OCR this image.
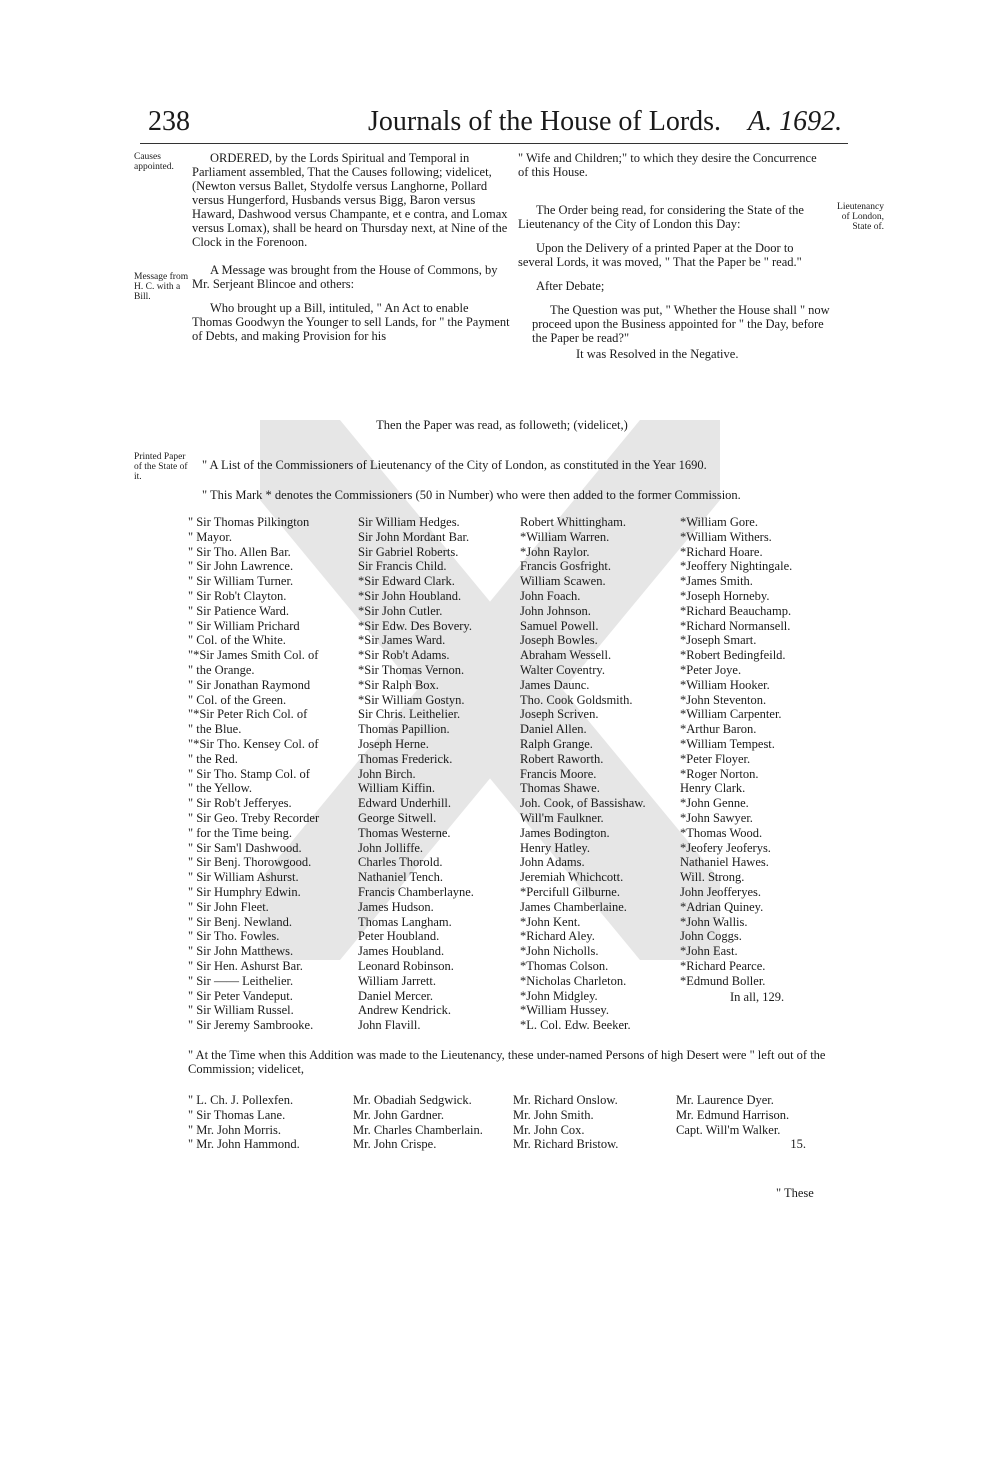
238	Journals of the House of Lords. A. 1692.
Causes appointed.
Message from H. C. with a Bill.
Lieutenancy of London, State of.
Printed Paper of the State of it.

ORDERED, by the Lords Spiritual and Temporal in Parliament assembled, That the Causes following; videlicet, (Newton versus Ballet, Stydolfe versus Langhorne, Pollard versus Hungerford, Husbands versus Bigg, Baron versus Haward, Dashwood versus Champante, et e contra, and Lomax versus Lomax), shall be heard on Thursday next, at Nine of the Clock in the Forenoon.

A Message was brought from the House of Commons, by Mr. Serjeant Blincoe and others:

Who brought up a Bill, intituled, " An Act to enable Thomas Goodwyn the Younger to sell Lands, for " the Payment of Debts, and making Provision for his

" Wife and Children;" to which they desire the Concurrence of this House.

The Order being read, for considering the State of the Lieutenancy of the City of London this Day:

Upon the Delivery of a printed Paper at the Door to several Lords, it was moved, " That the Paper be " read."

After Debate;

The Question was put, " Whether the House shall " now proceed upon the Business appointed for " the Day, before the Paper be read?"

It was Resolved in the Negative.

Then the Paper was read, as followeth; (videlicet,)
" A List of the Commissioners of Lieutenancy of the City of London, as constituted in the Year 1690.
" This Mark * denotes the Commissioners (50 in Number) who were then added to the former Commission.
" Sir Thomas Pilkington
" Mayor.
" Sir Tho. Allen Bar.
" Sir John Lawrence.
" Sir William Turner.
" Sir Rob't Clayton.
" Sir Patience Ward.
" Sir William Prichard
" Col. of the White.
"*Sir James Smith Col. of
" the Orange.
" Sir Jonathan Raymond
" Col. of the Green.
"*Sir Peter Rich Col. of
" the Blue.
"*Sir Tho. Kensey Col. of
" the Red.
" Sir Tho. Stamp Col. of
" the Yellow.
" Sir Rob't Jefferyes.
" Sir Geo. Treby Recorder
" for the Time being.
" Sir Sam'l Dashwood.
" Sir Benj. Thorowgood.
" Sir William Ashurst.
" Sir Humphry Edwin.
" Sir John Fleet.
" Sir Benj. Newland.
" Sir Tho. Fowles.
" Sir John Matthews.
" Sir Hen. Ashurst Bar.
" Sir —— Leithelier.
" Sir Peter Vandeput.
" Sir William Russel.
" Sir Jeremy Sambrooke.
Sir William Hedges.
Sir John Mordant Bar.
Sir Gabriel Roberts.
Sir Francis Child.
*Sir Edward Clark.
*Sir John Houbland.
*Sir John Cutler.
*Sir Edw. Des Bovery.
*Sir James Ward.
*Sir Rob't Adams.
*Sir Thomas Vernon.
*Sir Ralph Box.
*Sir William Gostyn.
Sir Chris. Leithelier.
Thomas Papillion.
Joseph Herne.
Thomas Frederick.
John Birch.
William Kiffin.
Edward Underhill.
George Sitwell.
Thomas Westerne.
John Jolliffe.
Charles Thorold.
Nathaniel Tench.
Francis Chamberlayne.
James Hudson.
Thomas Langham.
Peter Houbland.
James Houbland.
Leonard Robinson.
William Jarrett.
Daniel Mercer.
Andrew Kendrick.
John Flavill.
Robert Whittingham.
*William Warren.
*John Raylor.
Francis Gosfright.
William Scawen.
John Foach.
John Johnson.
Samuel Powell.
Joseph Bowles.
Abraham Wessell.
Walter Coventry.
James Daunc.
Tho. Cook Goldsmith.
Joseph Scriven.
Daniel Allen.
Ralph Grange.
Robert Raworth.
Francis Moore.
Thomas Shawe.
Joh. Cook, of Bassishaw.
Will'm Faulkner.
James Bodington.
Henry Hatley.
John Adams.
Jeremiah Whichcott.
*Percifull Gilburne.
James Chamberlaine.
*John Kent.
*Richard Aley.
*John Nicholls.
*Thomas Colson.
*Nicholas Charleton.
*John Midgley.
*William Hussey.
*L. Col. Edw. Beeker.
*William Gore.
*William Withers.
*Richard Hoare.
*Jeoffery Nightingale.
*James Smith.
*Joseph Horneby.
*Richard Beauchamp.
*Richard Normansell.
*Joseph Smart.
*Robert Bedingfeild.
*Peter Joye.
*William Hooker.
*John Steventon.
*William Carpenter.
*Arthur Baron.
*William Tempest.
*Peter Floyer.
*Roger Norton.
Henry Clark.
*John Genne.
*John Sawyer.
*Thomas Wood.
*Jeofery Jeoferys.
Nathaniel Hawes.
Will. Strong.
John Jeofferyes.
*Adrian Quiney.
*John Wallis.
John Coggs.
*John East.
*Richard Pearce.
*Edmund Boller.
In all, 129.
" At the Time when this Addition was made to the Lieutenancy, these under-named Persons of high Desert were " left out of the Commission; videlicet,
" L. Ch. J. Pollexfen.
" Sir Thomas Lane.
" Mr. John Morris.
" Mr. John Hammond.
Mr. Obadiah Sedgwick.
Mr. John Gardner.
Mr. Charles Chamberlain.
Mr. John Crispe.
Mr. Richard Onslow.
Mr. John Smith.
Mr. John Cox.
Mr. Richard Bristow.
Mr. Laurence Dyer.
Mr. Edmund Harrison.
Capt. Will'm Walker.
15.
" These
